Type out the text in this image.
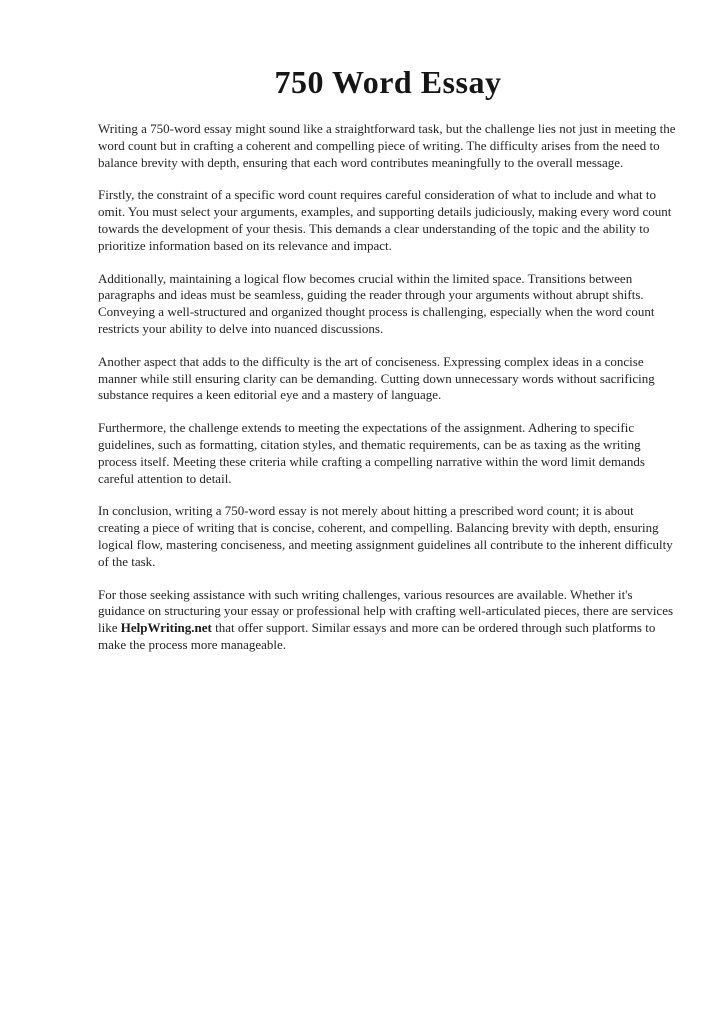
750 Word Essay

Writing a 750-word essay might sound like a straightforward task, but the challenge lies not just in meeting the word count but in crafting a coherent and compelling piece of writing. The difficulty arises from the need to balance brevity with depth, ensuring that each word contributes meaningfully to the overall message.

Firstly, the constraint of a specific word count requires careful consideration of what to include and what to omit. You must select your arguments, examples, and supporting details judiciously, making every word count towards the development of your thesis. This demands a clear understanding of the topic and the ability to prioritize information based on its relevance and impact.

Additionally, maintaining a logical flow becomes crucial within the limited space. Transitions between paragraphs and ideas must be seamless, guiding the reader through your arguments without abrupt shifts. Conveying a well-structured and organized thought process is challenging, especially when the word count restricts your ability to delve into nuanced discussions.

Another aspect that adds to the difficulty is the art of conciseness. Expressing complex ideas in a concise manner while still ensuring clarity can be demanding. Cutting down unnecessary words without sacrificing substance requires a keen editorial eye and a mastery of language.

Furthermore, the challenge extends to meeting the expectations of the assignment. Adhering to specific guidelines, such as formatting, citation styles, and thematic requirements, can be as taxing as the writing process itself. Meeting these criteria while crafting a compelling narrative within the word limit demands careful attention to detail.

In conclusion, writing a 750-word essay is not merely about hitting a prescribed word count; it is about creating a piece of writing that is concise, coherent, and compelling. Balancing brevity with depth, ensuring logical flow, mastering conciseness, and meeting assignment guidelines all contribute to the inherent difficulty of the task.

For those seeking assistance with such writing challenges, various resources are available. Whether it's guidance on structuring your essay or professional help with crafting well-articulated pieces, there are services like HelpWriting.net that offer support. Similar essays and more can be ordered through such platforms to make the process more manageable.
